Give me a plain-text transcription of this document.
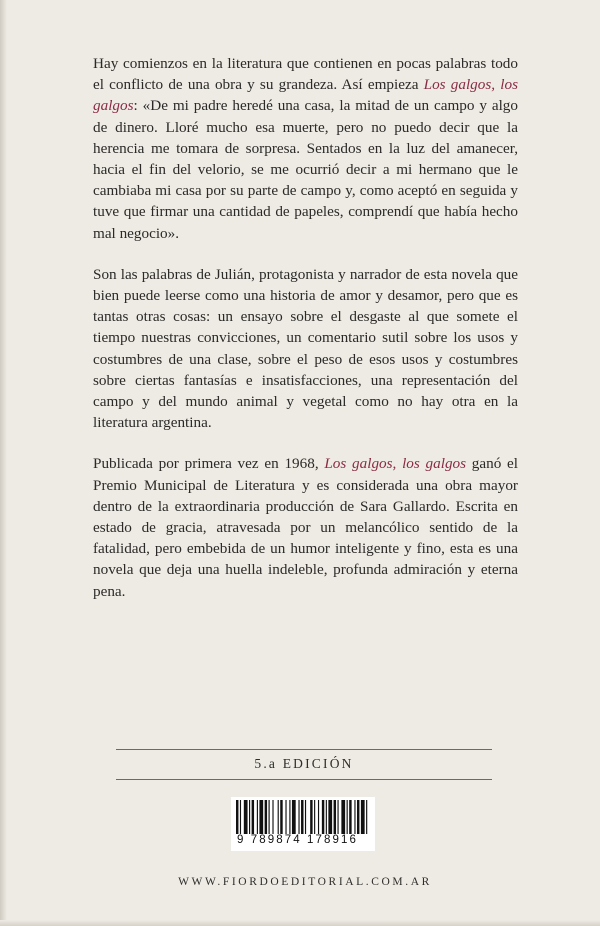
Hay comienzos en la literatura que contienen en pocas palabras todo el conflicto de una obra y su grandeza. Así empieza Los galgos, los galgos: «De mi padre heredé una casa, la mitad de un campo y algo de dinero. Lloré mucho esa muerte, pero no puedo decir que la herencia me tomara de sorpresa. Sentados en la luz del amanecer, hacia el fin del velorio, se me ocurrió decir a mi hermano que le cambiaba mi casa por su parte de campo y, como aceptó en seguida y tuve que firmar una cantidad de papeles, comprendí que había hecho mal negocio».

Son las palabras de Julián, protagonista y narrador de esta novela que bien puede leerse como una historia de amor y desamor, pero que es tantas otras cosas: un ensayo sobre el desgaste al que somete el tiempo nuestras convicciones, un comentario sutil sobre los usos y costumbres de una clase, sobre el peso de esos usos y costumbres sobre ciertas fantasías e insatisfacciones, una representación del campo y del mundo animal y vegetal como no hay otra en la literatura argentina.

Publicada por primera vez en 1968, Los galgos, los galgos ganó el Premio Municipal de Literatura y es considerada una obra mayor dentro de la extraordinaria producción de Sara Gallardo. Escrita en estado de gracia, atravesada por un melancólico sentido de la fatalidad, pero embebida de un humor inteligente y fino, esta es una novela que deja una huella indeleble, profunda admiración y eterna pena.

5.a EDICIÓN
9 789874 178916
WWW.FIORDOEDITORIAL.COM.AR
